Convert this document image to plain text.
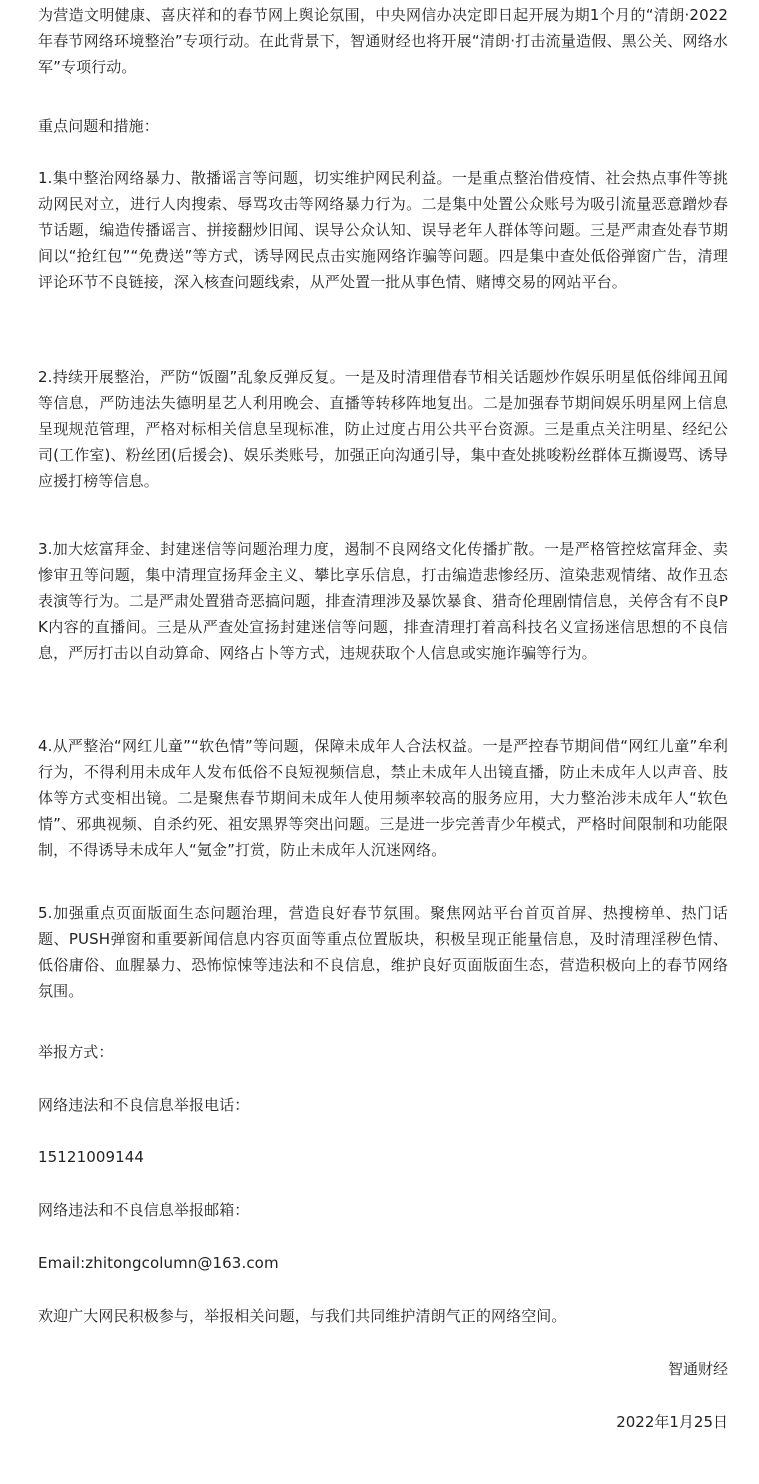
为营造文明健康、喜庆祥和的春节网上舆论氛围，中央网信办决定即日起开展为期1个月的“清朗·2022年春节网络环境整治”专项行动。在此背景下，智通财经也将开展“清朗·打击流量造假、黑公关、网络水军”专项行动。

重点问题和措施：

1.集中整治网络暴力、散播谣言等问题，切实维护网民利益。一是重点整治借疫情、社会热点事件等挑动网民对立，进行人肉搜索、辱骂攻击等网络暴力行为。二是集中处置公众账号为吸引流量恶意蹭炒春节话题，编造传播谣言、拼接翻炒旧闻、误导公众认知、误导老年人群体等问题。三是严肃查处春节期间以“抢红包”“免费送”等方式，诱导网民点击实施网络诈骗等问题。四是集中查处低俗弹窗广告，清理评论环节不良链接，深入核查问题线索，从严处置一批从事色情、赌博交易的网站平台。

2.持续开展整治，严防“饭圈”乱象反弹反复。一是及时清理借春节相关话题炒作娱乐明星低俗绯闻丑闻等信息，严防违法失德明星艺人利用晚会、直播等转移阵地复出。二是加强春节期间娱乐明星网上信息呈现规范管理，严格对标相关信息呈现标准，防止过度占用公共平台资源。三是重点关注明星、经纪公司(工作室)、粉丝团(后援会)、娱乐类账号，加强正向沟通引导，集中查处挑唆粉丝群体互撕谩骂、诱导应援打榜等信息。

3.加大炫富拜金、封建迷信等问题治理力度，遏制不良网络文化传播扩散。一是严格管控炫富拜金、卖惨审丑等问题，集中清理宣扬拜金主义、攀比享乐信息，打击编造悲惨经历、渲染悲观情绪、故作丑态表演等行为。二是严肃处置猎奇恶搞问题，排查清理涉及暴饮暴食、猎奇伦理剧情信息，关停含有不良PK内容的直播间。三是从严查处宣扬封建迷信等问题，排查清理打着高科技名义宣扬迷信思想的不良信息，严厉打击以自动算命、网络占卜等方式，违规获取个人信息或实施诈骗等行为。

4.从严整治“网红儿童”“软色情”等问题，保障未成年人合法权益。一是严控春节期间借“网红儿童”牟利行为，不得利用未成年人发布低俗不良短视频信息，禁止未成年人出镜直播，防止未成年人以声音、肢体等方式变相出镜。二是聚焦春节期间未成年人使用频率较高的服务应用，大力整治涉未成年人“软色情”、邪典视频、自杀约死、祖安黑界等突出问题。三是进一步完善青少年模式，严格时间限制和功能限制，不得诱导未成年人“氪金”打赏，防止未成年人沉迷网络。

5.加强重点页面版面生态问题治理，营造良好春节氛围。聚焦网站平台首页首屏、热搜榜单、热门话题、PUSH弹窗和重要新闻信息内容页面等重点位置版块，积极呈现正能量信息，及时清理淫秽色情、低俗庸俗、血腥暴力、恐怖惊悚等违法和不良信息，维护良好页面版面生态，营造积极向上的春节网络氛围。

举报方式：

网络违法和不良信息举报电话：

15121009144

网络违法和不良信息举报邮箱：

Email:zhitongcolumn@163.com

欢迎广大网民积极参与，举报相关问题，与我们共同维护清朗气正的网络空间。

智通财经

2022年1月25日
